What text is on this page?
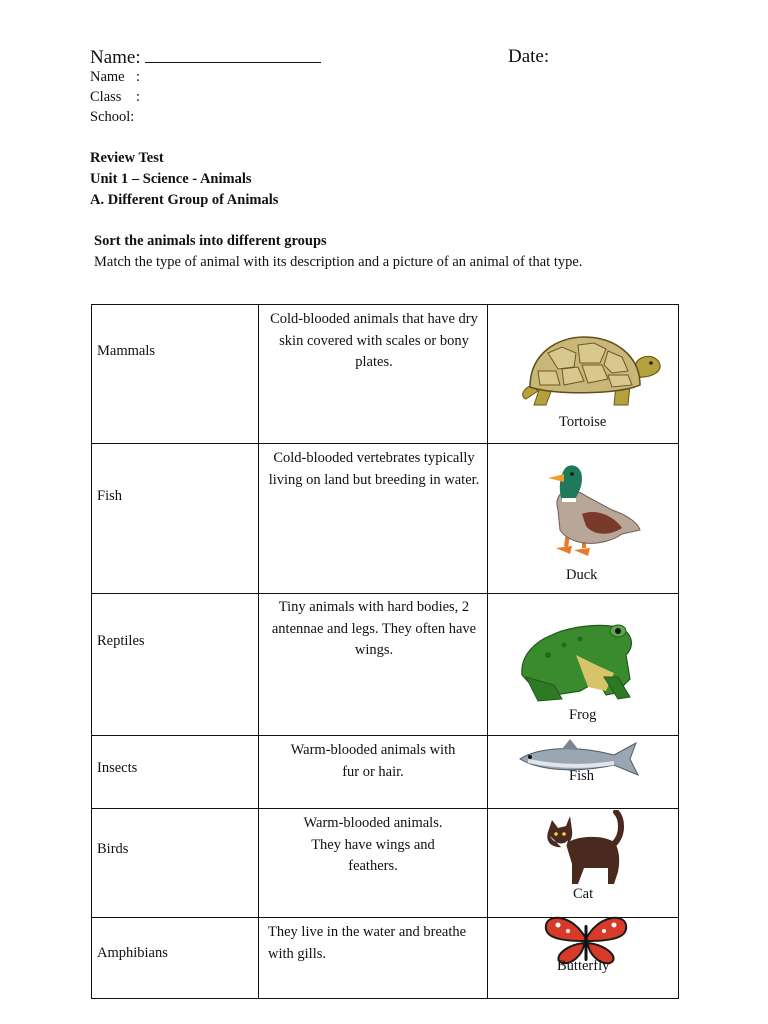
Name:	Date:
Name :
Class :
School:
Review Test
Unit 1 – Science - Animals
A. Different Group of Animals
Sort the animals into different groups
Match the type of animal with its description and a picture of an animal of that type.
Mammals
Cold-blooded animals that have dry skin covered with scales or bony plates.
Tortoise
Fish
Cold-blooded vertebrates typically living on land but breeding in water.
Duck
Reptiles
Tiny animals with hard bodies, 2 antennae and legs. They often have wings.
Frog
Insects
Warm-blooded animals with fur or hair.	Fish
Birds
Warm-blooded animals. They have wings and feathers.
Cat
Amphibians
They live in the water and breathe with gills.
Butterfly
